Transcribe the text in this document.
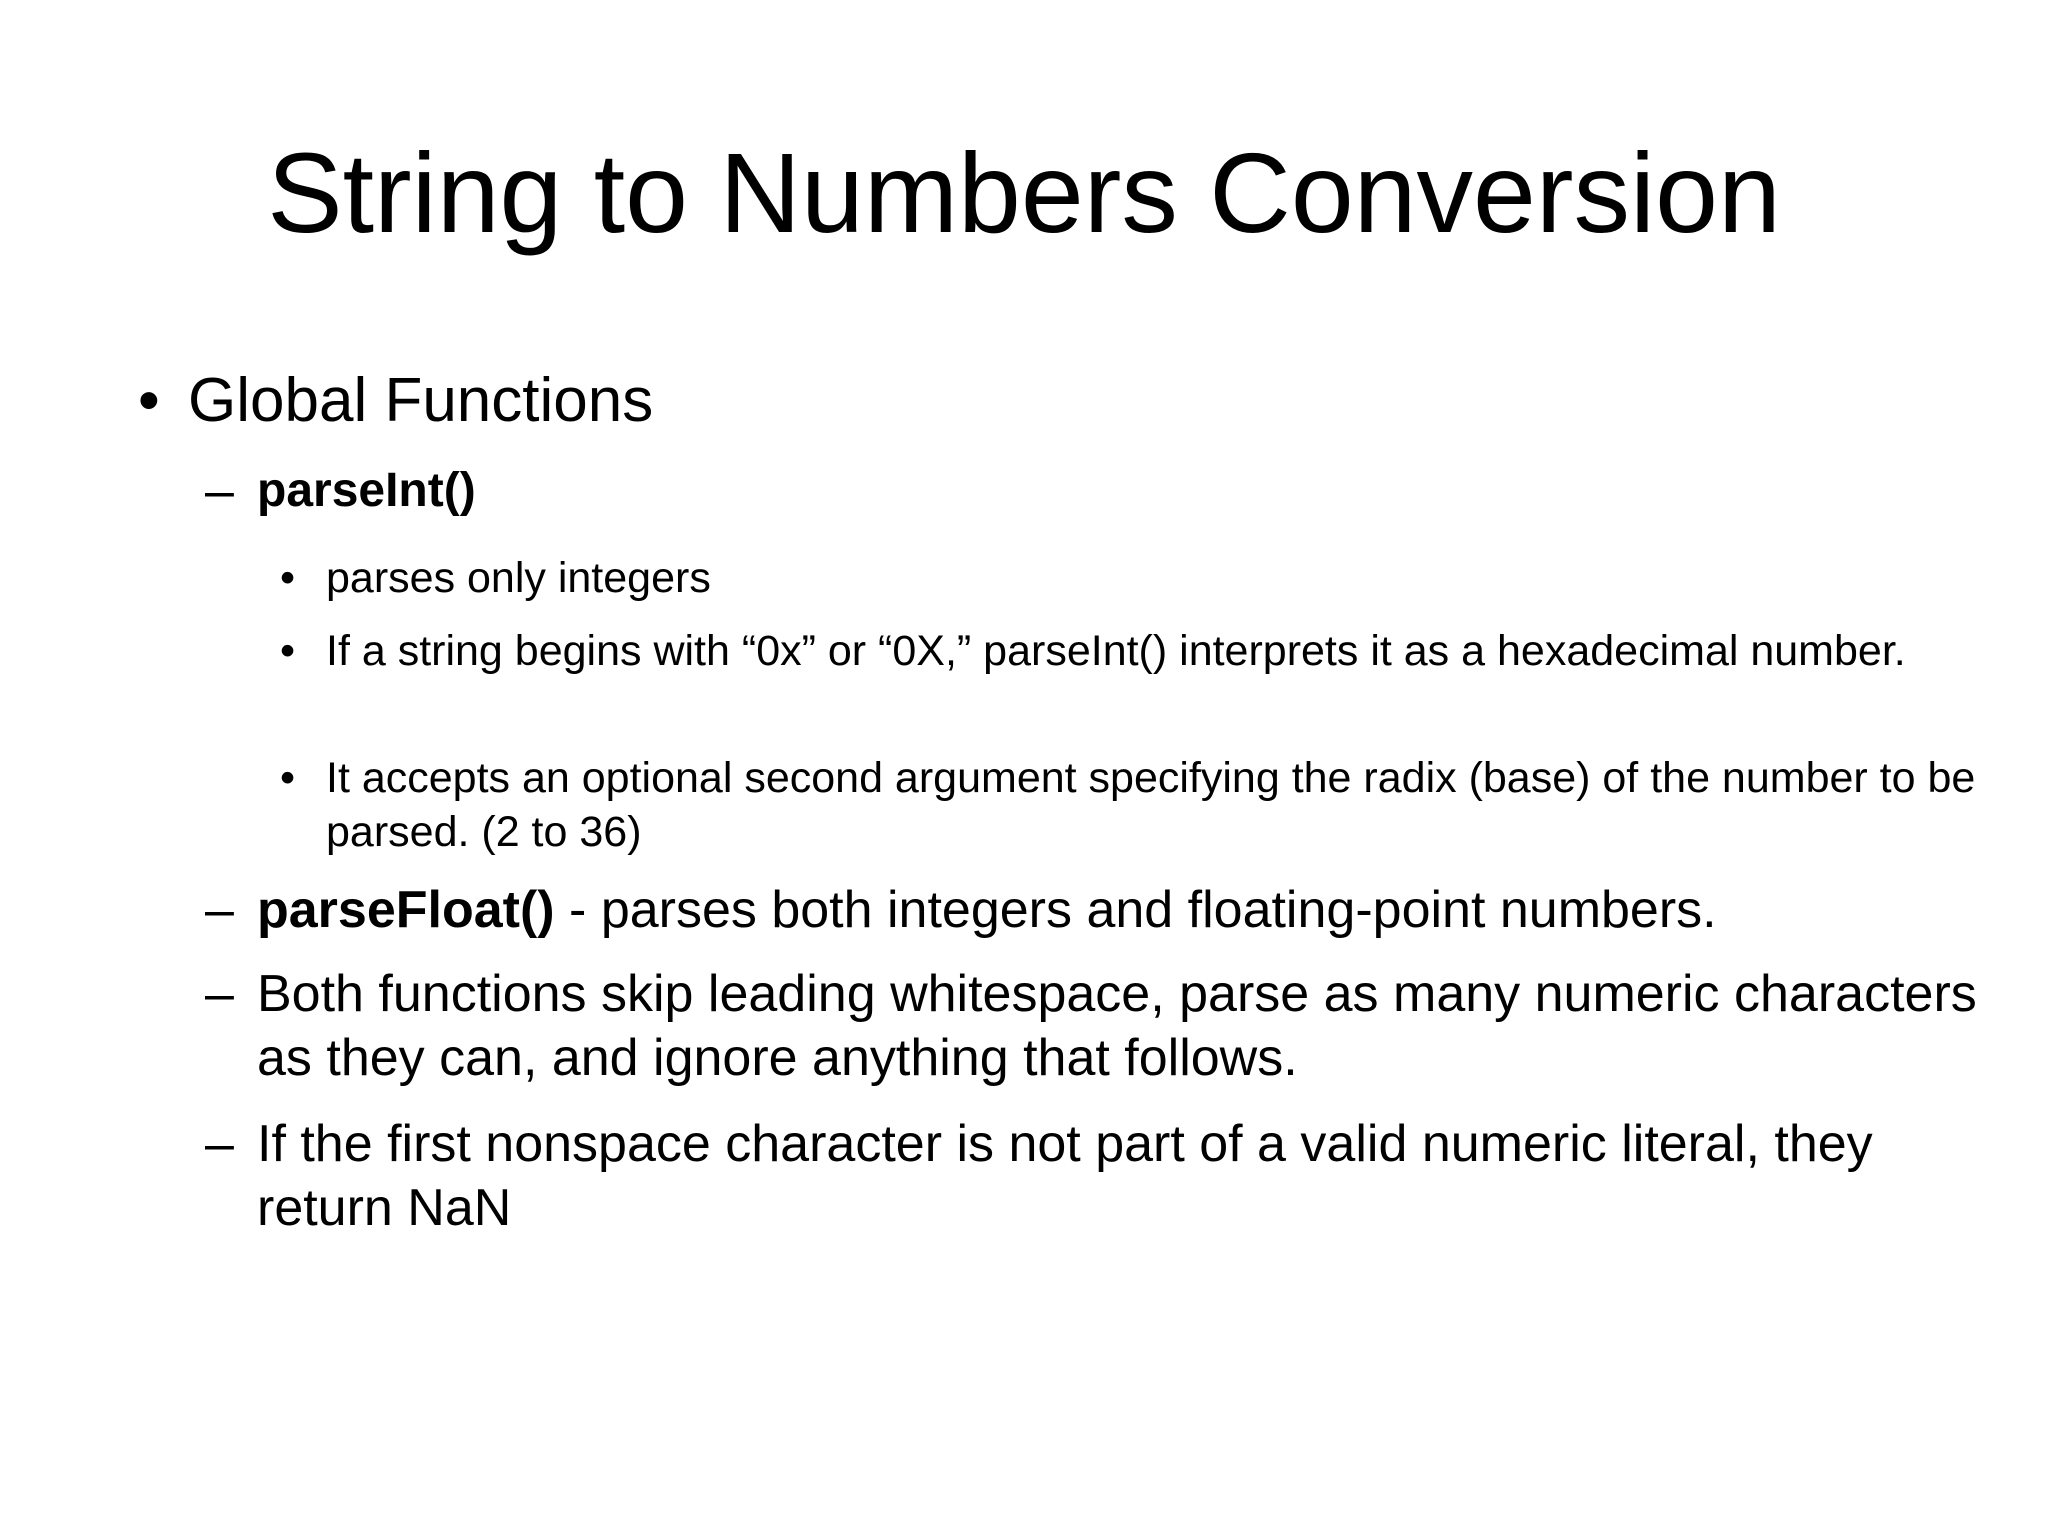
String to Numbers Conversion
• Global Functions
– parseInt()
• parses only integers
• If a string begins with “0x” or “0X,” parseInt() interprets it as a hexadecimal number.
• It accepts an optional second argument specifying the radix (base) of the number to be parsed. (2 to 36)
– parseFloat() - parses both integers and floating-point numbers.
– Both functions skip leading whitespace, parse as many numeric characters as they can, and ignore anything that follows.
– If the first nonspace character is not part of a valid numeric literal, they return NaN
